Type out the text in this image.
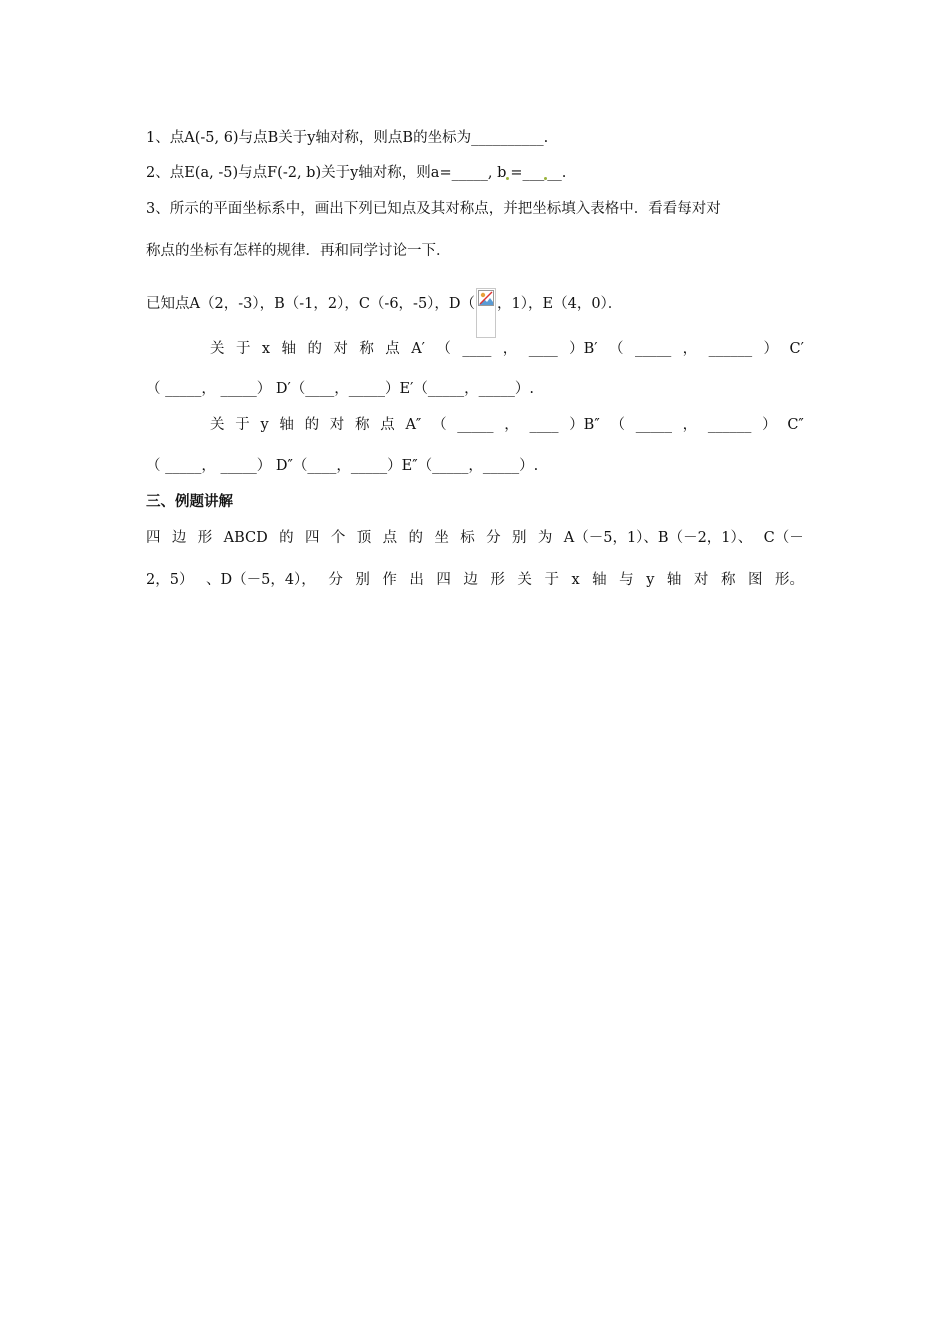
1、点A(-5, 6)与点B关于y轴对称，则点B的坐标为__________.
2、点E(a, -5)与点F(-2, b)关于y轴对称，则a=_____, b =___ __.
3、所示的平面坐标系中，画出下列已知点及其对称点，并把坐标填入表格中．看看每对对
称点的坐标有怎样的规律．再和同学讨论一下．
已知点A（2，-3），B（-1，2），C（-6，-5），D（ ，1），E（4，0）．
关 于 x 轴 的 对 称 点 A′ （ ____ ， ____ ）B′ （ _____ ， ______ ） C′
（ _____， _____） D′（____，_____）E′（_____，_____）.
关 于 y 轴 的 对 称 点 A″ （ _____ ， ____ ）B″ （ _____ ， ______ ） C″
（ _____， _____） D″（____，_____）E″（_____，_____）.
三、例题讲解
四 边 形 ABCD 的 四 个 顶 点 的 坐 标 分 别 为 A（－5，1）、B（－2，1）、 C（－
2，5） 、D（－5，4）， 分 别 作 出 四 边 形 关 于 x 轴 与 y 轴 对 称 图 形。
